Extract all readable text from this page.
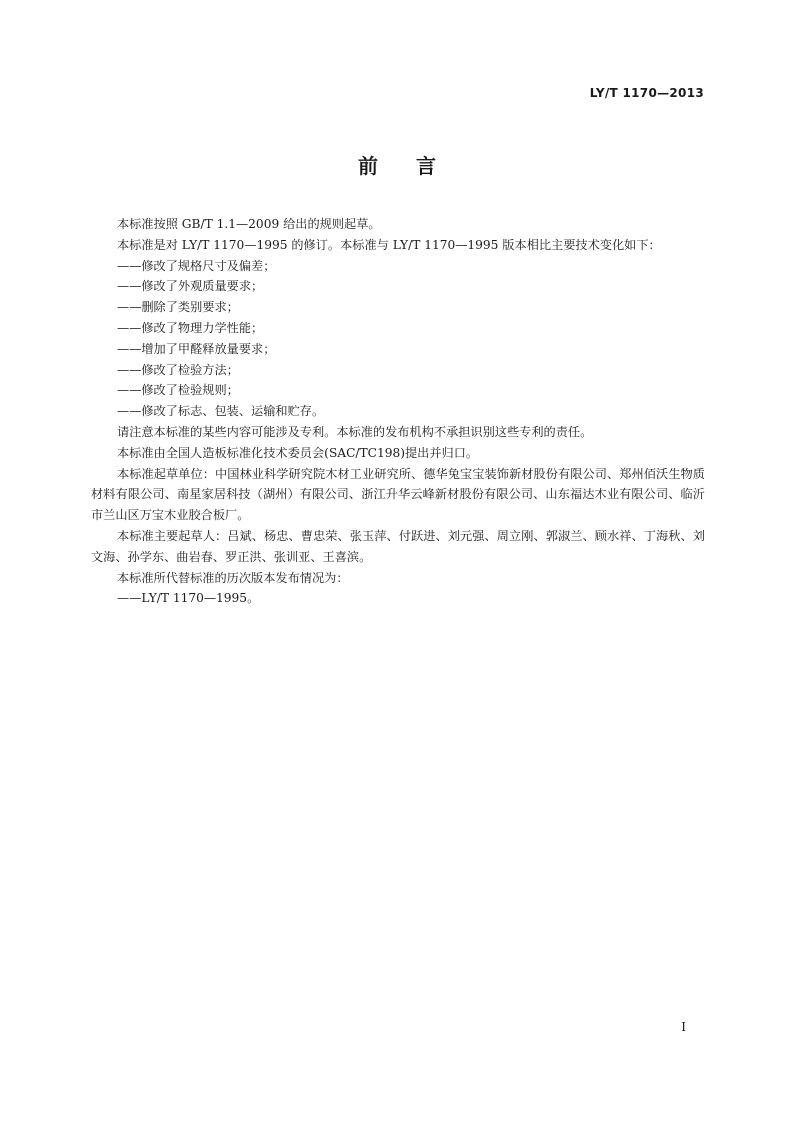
LY/T 1170—2013
前言

本标准按照 GB/T 1.1—2009 给出的规则起草。

本标准是对 LY/T 1170—1995 的修订。本标准与 LY/T 1170—1995 版本相比主要技术变化如下：

——修改了规格尺寸及偏差；

——修改了外观质量要求；

——删除了类别要求；

——修改了物理力学性能；

——增加了甲醛释放量要求；

——修改了检验方法；

——修改了检验规则；

——修改了标志、包装、运输和贮存。

请注意本标准的某些内容可能涉及专利。本标准的发布机构不承担识别这些专利的责任。

本标准由全国人造板标准化技术委员会(SAC/TC198)提出并归口。

本标准起草单位：中国林业科学研究院木材工业研究所、德华兔宝宝装饰新材股份有限公司、郑州佰沃生物质材料有限公司、南星家居科技（湖州）有限公司、浙江升华云峰新材股份有限公司、山东福达木业有限公司、临沂市兰山区万宝木业胶合板厂。

本标准主要起草人：吕斌、杨忠、曹忠荣、张玉萍、付跃进、刘元强、周立刚、郭淑兰、顾水祥、丁海秋、刘文海、孙学东、曲岩春、罗正洪、张训亚、王喜滨。

本标准所代替标准的历次版本发布情况为：

——LY/T 1170—1995。

I
